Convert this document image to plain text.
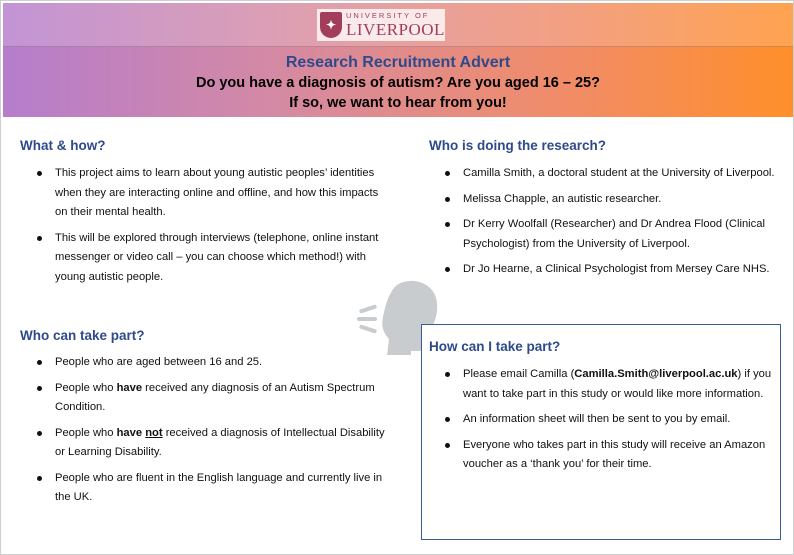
✦
UNIVERSITY OF
LIVERPOOL
Research Recruitment Advert
Do you have a diagnosis of autism? Are you aged 16 – 25?
If so, we want to hear from you!
What & how?
This project aims to learn about young autistic peoples’ identities when they are interacting online and offline, and how this impacts on their mental health.
This will be explored through interviews (telephone, online instant messenger or video call – you can choose which method!) with young autistic people.
Who is doing the research?
Camilla Smith, a doctoral student at the University of Liverpool.
Melissa Chapple, an autistic researcher.
Dr Kerry Woolfall (Researcher) and Dr Andrea Flood (Clinical Psychologist) from the University of Liverpool.
Dr Jo Hearne, a Clinical Psychologist from Mersey Care NHS.
Who can take part?
People who are aged between 16 and 25.
People who have received any diagnosis of an Autism Spectrum Condition.
People who have not received a diagnosis of Intellectual Disability or Learning Disability.
People who are fluent in the English language and currently live in the UK.
How can I take part?
Please email Camilla (Camilla.Smith@liverpool.ac.uk) if you want to take part in this study or would like more information.
An information sheet will then be sent to you by email.
Everyone who takes part in this study will receive an Amazon voucher as a ‘thank you’ for their time.
